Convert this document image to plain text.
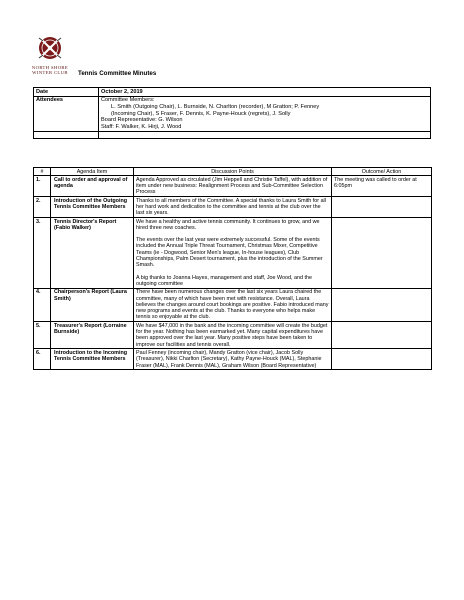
NORTH SHORE
WINTER CLUB	Tennis Committee Minutes
Date	October 2, 2019
Attendees	Committee Members:
L. Smith (Outgoing Chair), L. Burnside, N. Charlton (recorder), M Gratton; P. Fenney
(Incoming Chair), S Fraser, F. Dennis, K. Payne-Houck (regrets), J. Solly
Board Representative: G. Wilson
Staff: F. Walker, K. Hirji, J. Wood

#	Agenda Item	Discussion Points	Outcome/ Action
1.	Call to order and approval of agenda	Agenda Approved as circulated (Jim Heppell and Christie Taffel), with addition of item under new business: Realignment Process and Sub-Committee Selection Process	The meeting was called to order at 6:05pm
2.	Introduction of the Outgoing Tennis Committee Members	Thanks to all members of the Committee. A special thanks to Laura Smith for all her hard work and dedication to the committee and tennis at the club over the last six years.	

3.	Tennis Director's Report (Fabio Walker)	We have a healthy and active tennis community. It continues to grow, and we hired three new coaches.
The events over the last year were extremely successful. Some of the events included the Annual Triple Threat Tournament, Christmas Mixer, Competitive Teams (ie - Dogwood, Senior Men's league, In-house leagues), Club Championships, Palm Desert tournament, plus the introduction of the Summer Smash.
A big thanks to Joanna Hayes, management and staff, Joe Wood, and the outgoing committee	

4.	Chairperson's Report (Laura Smith)	There have been numerous changes over the last six years Laura chaired the committee, many of which have been met with resistance. Overall, Laura believes the changes around court bookings are positive. Fabio introduced many new programs and events at the club. Thanks to everyone who helps make tennis so enjoyable at the club.	

5.	Treasurer's Report (Lorraine Burnside)	We have $47,000 in the bank and the incoming committee will create the budget for the year. Nothing has been earmarked yet. Many capital expenditures have been approved over the last year. Many positive steps have been taken to improve our facilities and tennis overall.	

6.	Introduction to the Incoming Tennis Committee Members	Paul Fenney (incoming chair), Mandy Gratton (vice chair), Jacob Solly (Treasurer), Nikki Charlton (Secretary), Kathy Payne-Houck (MAL), Stephanie Fraser (MAL), Frank Dennis (MAL), Graham Wilson (Board Representative)	
